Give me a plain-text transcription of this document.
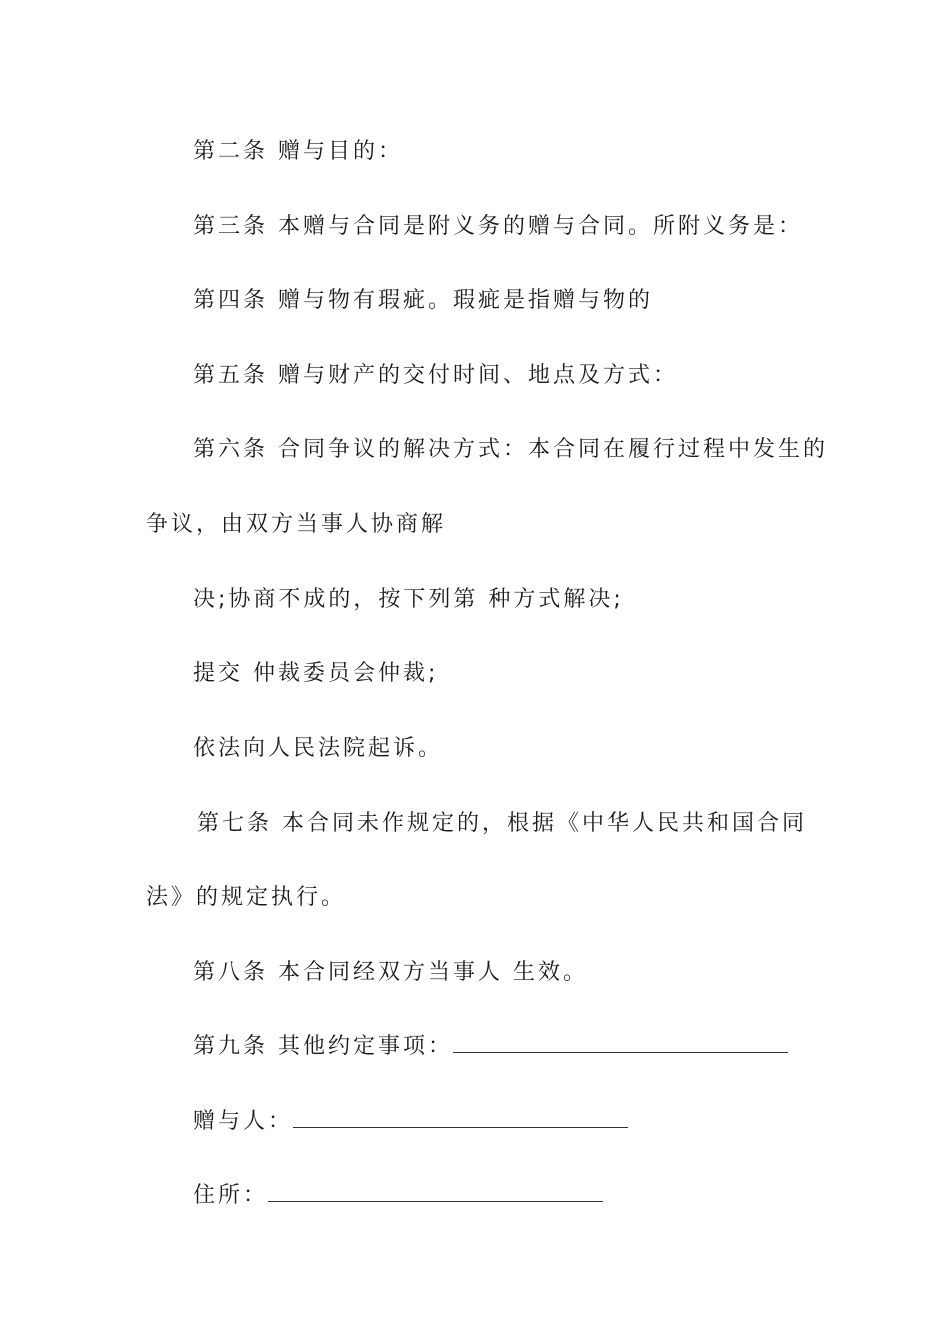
第二条 赠与目的：
第三条 本赠与合同是附义务的赠与合同。所附义务是：
第四条 赠与物有瑕疵。瑕疵是指赠与物的
第五条 赠与财产的交付时间、地点及方式：
第六条 合同争议的解决方式：本合同在履行过程中发生的
争议，由双方当事人协商解
决;协商不成的，按下列第 种方式解决;
提交 仲裁委员会仲裁;
依法向人民法院起诉。
第七条 本合同未作规定的，根据《中华人民共和国合同
法》的规定执行。
第八条 本合同经双方当事人 生效。
第九条 其他约定事项：
赠与人：
住所：
